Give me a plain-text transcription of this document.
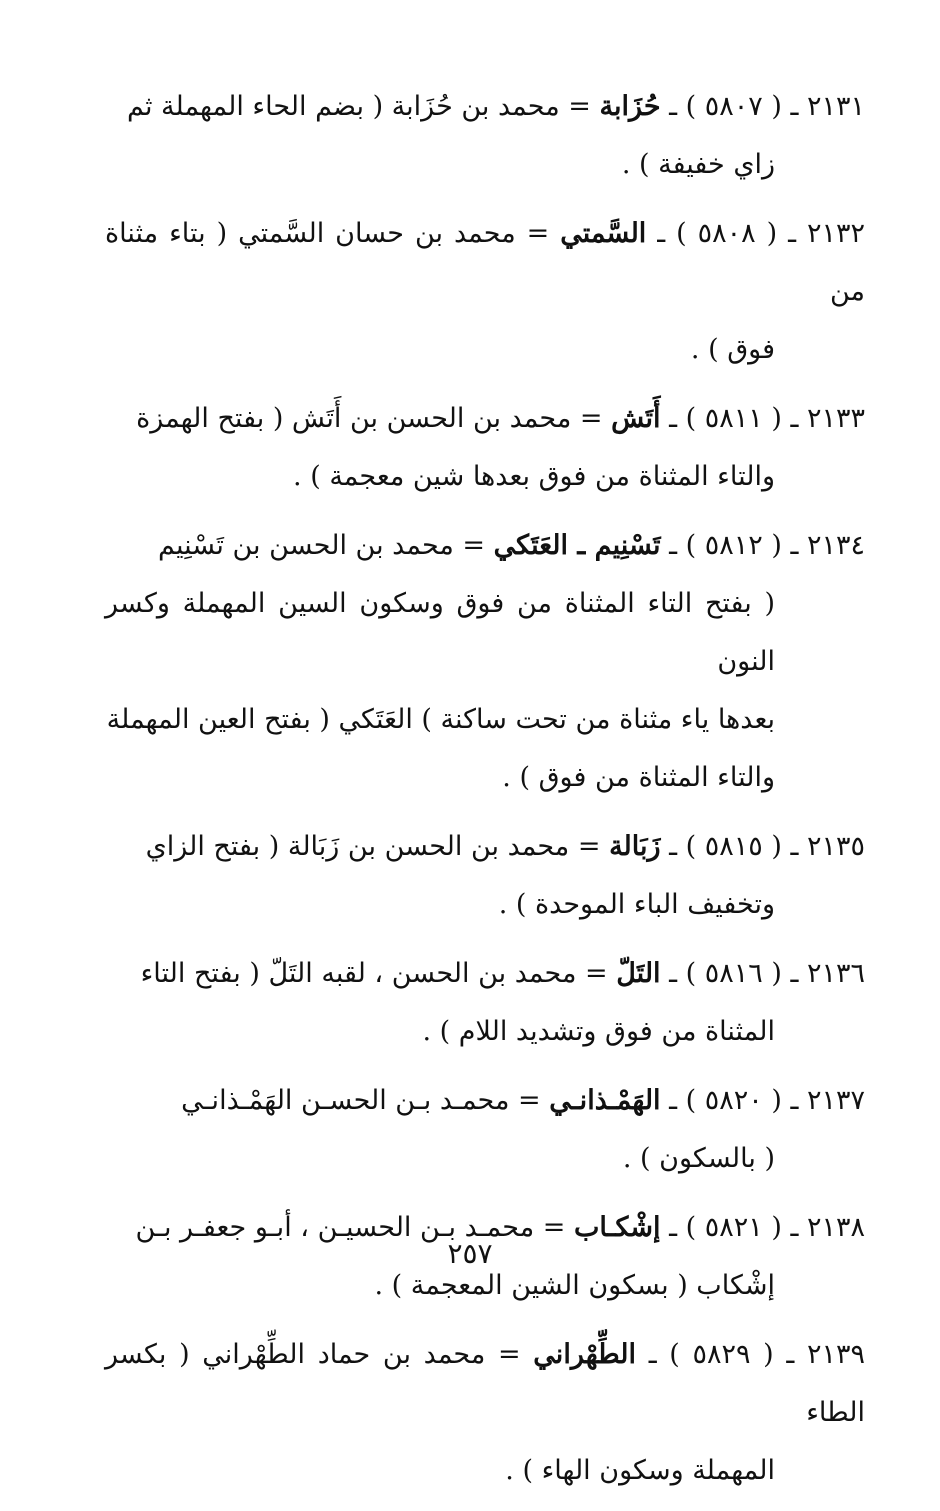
٢١٣١ ـ ( ٥٨٠٧ ) ـ حُزَابة = محمد بن حُزَابة ( بضم الحاء المهملة ثم
زاي خفيفة ) .
٢١٣٢ ـ ( ٥٨٠٨ ) ـ السَّمتي = محمد بن حسان السَّمتي ( بتاء مثناة من
فوق ) .
٢١٣٣ ـ ( ٥٨١١ ) ـ أَتَش = محمد بن الحسن بن أَتَش ( بفتح الهمزة
والتاء المثناة من فوق بعدها شين معجمة ) .
٢١٣٤ ـ ( ٥٨١٢ ) ـ تَسْنِيم ـ العَتَكي = محمد بن الحسن بن تَسْنِيم
( بفتح التاء المثناة من فوق وسكون السين المهملة وكسر النون
بعدها ياء مثناة من تحت ساكنة ) العَتَكي ( بفتح العين المهملة
والتاء المثناة من فوق ) .
٢١٣٥ ـ ( ٥٨١٥ ) ـ زَبَالة = محمد بن الحسن بن زَبَالة ( بفتح الزاي
وتخفيف الباء الموحدة ) .
٢١٣٦ ـ ( ٥٨١٦ ) ـ التَلّ = محمد بن الحسن ، لقبه التَلّ ( بفتح التاء
المثناة من فوق وتشديد اللام ) .
٢١٣٧ ـ ( ٥٨٢٠ ) ـ الهَمْـذانـي = محمـد بـن الحسـن الهَمْـذانـي
( بالسكون ) .
٢١٣٨ ـ ( ٥٨٢١ ) ـ إشْكـاب = محمـد بـن الحسيـن ، أبـو جعفـر بـن
إشْكاب ( بسكون الشين المعجمة ) .
٢١٣٩ ـ ( ٥٨٢٩ ) ـ الطِّهْراني = محمد بن حماد الطِّهْراني ( بكسر الطاء
المهملة وسكون الهاء ) .
٢٥٧
